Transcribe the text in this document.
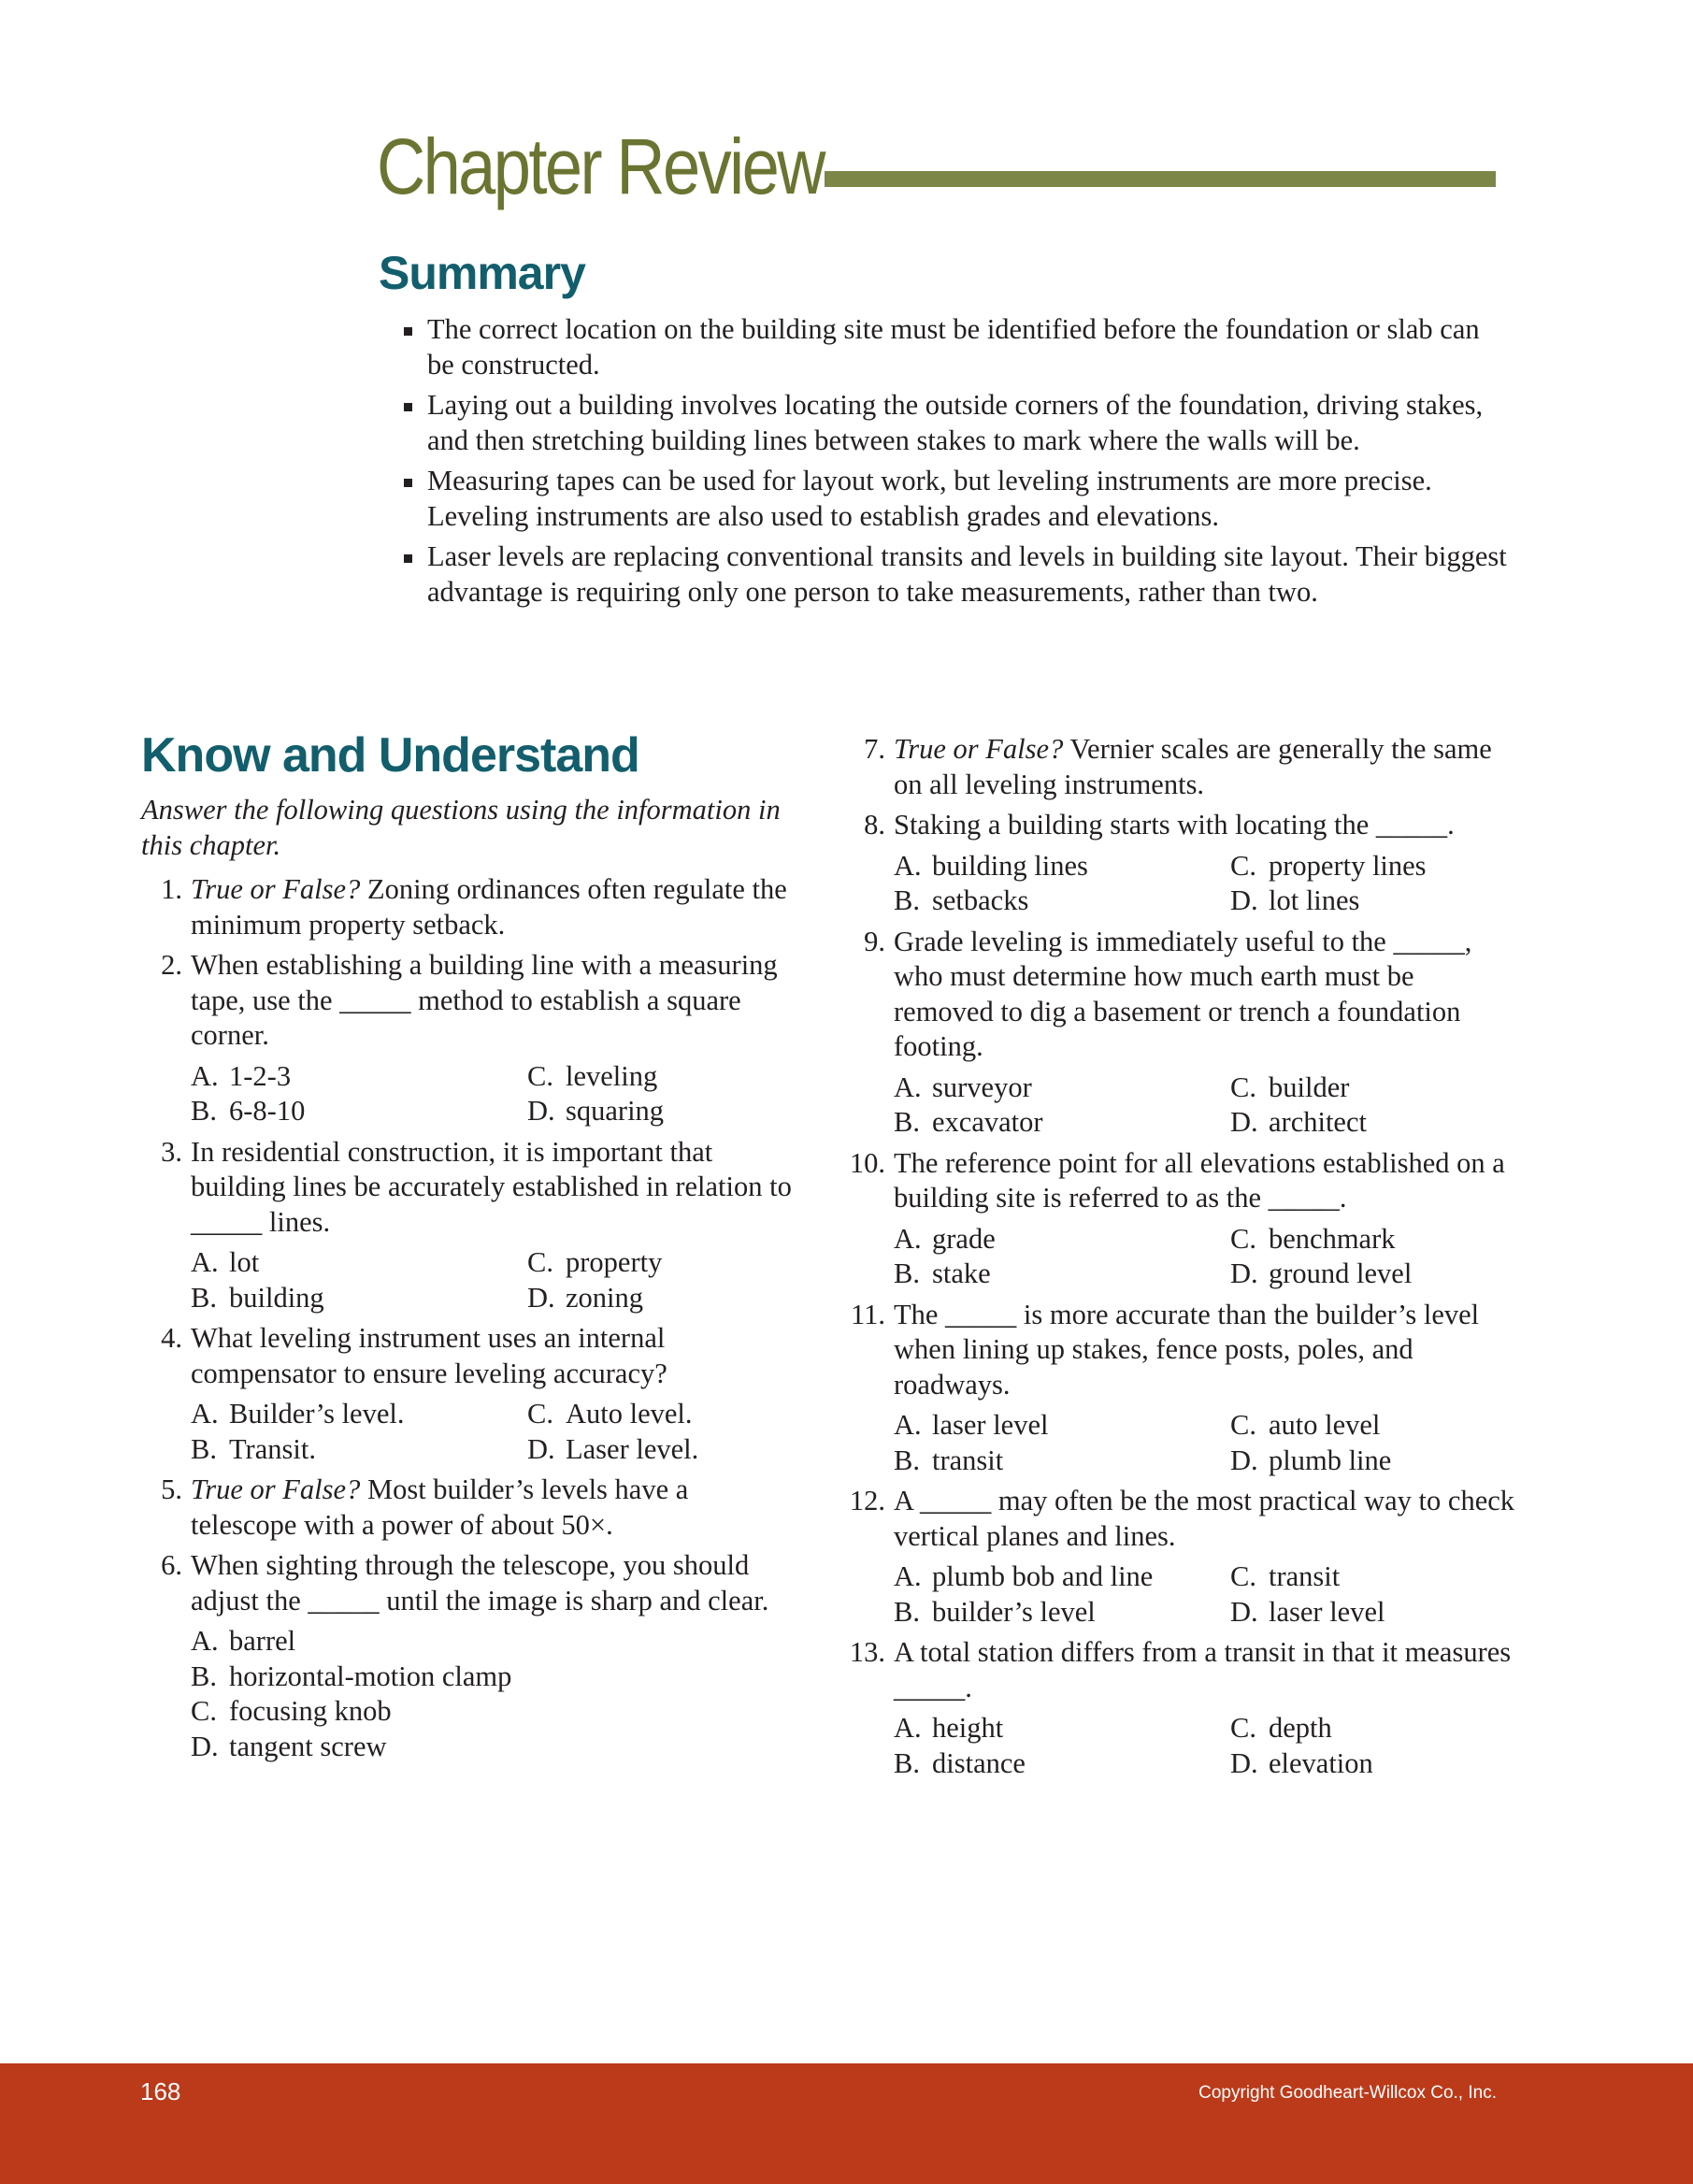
Chapter Review
Summary
The correct location on the building site must be identified before the foundation or slab can be constructed.
Laying out a building involves locating the outside corners of the foundation, driving stakes, and then stretching building lines between stakes to mark where the walls will be.
Measuring tapes can be used for layout work, but leveling instruments are more precise. Leveling instruments are also used to establish grades and elevations.
Laser levels are replacing conventional transits and levels in building site layout. Their biggest advantage is requiring only one person to take measurements, rather than two.
Know and Understand
Answer the following questions using the information in this chapter.
1. True or False? Zoning ordinances often regulate the minimum property setback.
2. When establishing a building line with a measuring tape, use the _____ method to establish a square corner.
A. 1-2-3	C. leveling
B. 6-8-10	D. squaring
3. In residential construction, it is important that building lines be accurately established in relation to _____ lines.
A. lot	C. property
B. building	D. zoning
4. What leveling instrument uses an internal compensator to ensure leveling accuracy?
A. Builder’s level.	C. Auto level.
B. Transit.	D. Laser level.
5. True or False? Most builder’s levels have a telescope with a power of about 50×.
6. When sighting through the telescope, you should adjust the _____ until the image is sharp and clear.
A. barrel
B. horizontal-motion clamp
C. focusing knob
D. tangent screw
7. True or False? Vernier scales are generally the same on all leveling instruments.
8. Staking a building starts with locating the _____.
A. building lines	C. property lines
B. setbacks	D. lot lines
9. Grade leveling is immediately useful to the _____, who must determine how much earth must be removed to dig a basement or trench a foundation footing.
A. surveyor	C. builder
B. excavator	D. architect
10. The reference point for all elevations established on a building site is referred to as the _____.
A. grade	C. benchmark
B. stake	D. ground level
11. The _____ is more accurate than the builder’s level when lining up stakes, fence posts, poles, and roadways.
A. laser level	C. auto level
B. transit	D. plumb line
12. A _____ may often be the most practical way to check vertical planes and lines.
A. plumb bob and line	C. transit
B. builder’s level	D. laser level
13. A total station differs from a transit in that it measures _____.
A. height	C. depth
B. distance	D. elevation
168	Copyright Goodheart-Willcox Co., Inc.
